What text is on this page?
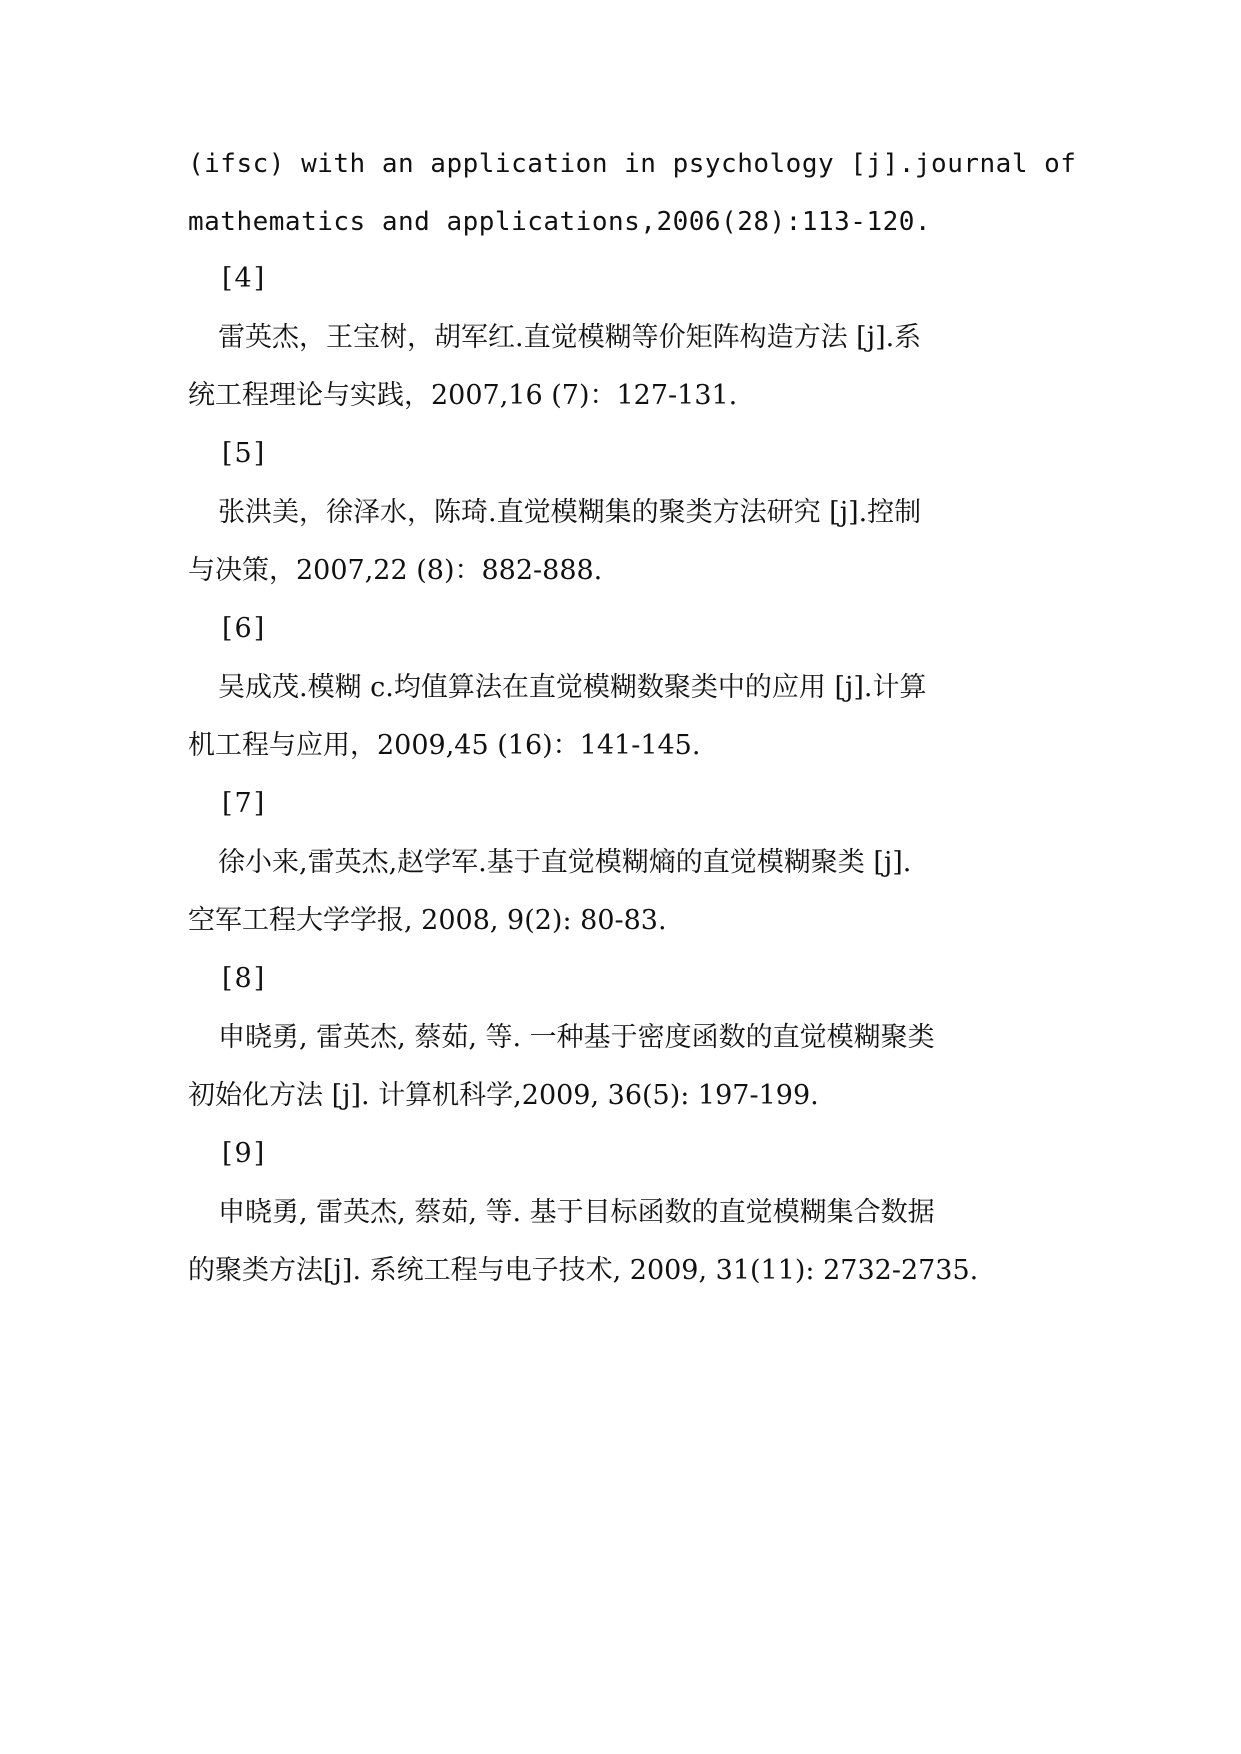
(ifsc) with an application in psychology [j].journal of
mathematics and applications,2006(28):113-120.
[4]
雷英杰，王宝树，胡军红.直觉模糊等价矩阵构造方法 [j].系
统工程理论与实践，2007,16 (7)：127-131.
[5]
张洪美，徐泽水，陈琦.直觉模糊集的聚类方法研究 [j].控制
与决策，2007,22 (8)：882-888.
[6]
吴成茂.模糊 c.均值算法在直觉模糊数聚类中的应用 [j].计算
机工程与应用，2009,45 (16)：141-145.
[7]
徐小来,雷英杰,赵学军.基于直觉模糊熵的直觉模糊聚类 [j].
空军工程大学学报, 2008, 9(2): 80-83.
[8]
申晓勇, 雷英杰, 蔡茹, 等. 一种基于密度函数的直觉模糊聚类
初始化方法 [j]. 计算机科学,2009, 36(5): 197-199.
[9]
申晓勇, 雷英杰, 蔡茹, 等. 基于目标函数的直觉模糊集合数据
的聚类方法[j]. 系统工程与电子技术, 2009, 31(11): 2732-2735.
